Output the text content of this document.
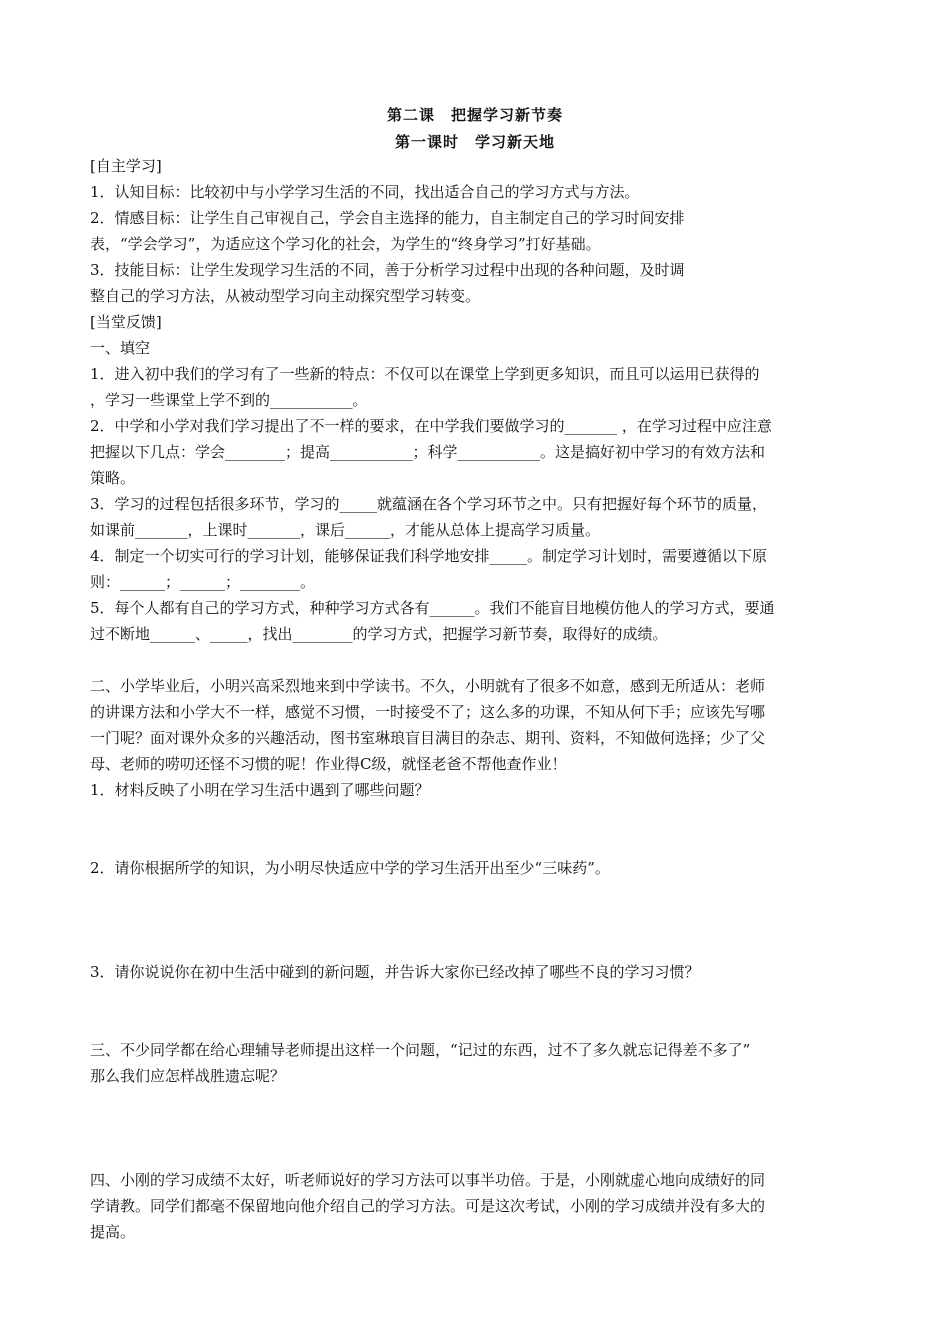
第二课　把握学习新节奏
第一课时　学习新天地
[自主学习]
1．认知目标：比较初中与小学学习生活的不同，找出适合自己的学习方式与方法。
2．情感目标：让学生自己审视自己，学会自主选择的能力，自主制定自己的学习时间安排
表，“学会学习”，为适应这个学习化的社会，为学生的“终身学习”打好基础。
3．技能目标：让学生发现学习生活的不同，善于分析学习过程中出现的各种问题，及时调
整自己的学习方法，从被动型学习向主动探究型学习转变。
[当堂反馈]
一、填空
1．进入初中我们的学习有了一些新的特点：不仅可以在课堂上学到更多知识，而且可以运用已获得的
，学习一些课堂上学不到的___________。
2．中学和小学对我们学习提出了不一样的要求，在中学我们要做学习的_______ ，在学习过程中应注意
把握以下几点：学会________；提高___________；科学___________。这是搞好初中学习的有效方法和
策略。
3．学习的过程包括很多环节，学习的_____就蕴涵在各个学习环节之中。只有把握好每个环节的质量，
如课前_______，上课时_______，课后______，才能从总体上提高学习质量。
4．制定一个切实可行的学习计划，能够保证我们科学地安排_____。制定学习计划时，需要遵循以下原
则：______；______；________。
5．每个人都有自己的学习方式，种种学习方式各有______。我们不能盲目地模仿他人的学习方式，要通
过不断地______、_____，找出________的学习方式，把握学习新节奏，取得好的成绩。
二、小学毕业后，小明兴高采烈地来到中学读书。不久，小明就有了很多不如意，感到无所适从：老师
的讲课方法和小学大不一样，感觉不习惯，一时接受不了；这么多的功课，不知从何下手；应该先写哪
一门呢？面对课外众多的兴趣活动，图书室琳琅盲目满目的杂志、期刊、资料，不知做何选择；少了父
母、老师的唠叨还怪不习惯的呢！作业得C级，就怪老爸不帮他查作业！
1．材料反映了小明在学习生活中遇到了哪些问题？
2．请你根据所学的知识，为小明尽快适应中学的学习生活开出至少“三味药”。
3．请你说说你在初中生活中碰到的新问题，并告诉大家你已经改掉了哪些不良的学习习惯？
三、不少同学都在给心理辅导老师提出这样一个问题，“记过的东西，过不了多久就忘记得差不多了”
那么我们应怎样战胜遗忘呢？
四、小刚的学习成绩不太好，听老师说好的学习方法可以事半功倍。于是，小刚就虚心地向成绩好的同
学请教。同学们都毫不保留地向他介绍自己的学习方法。可是这次考试，小刚的学习成绩并没有多大的
提高。
